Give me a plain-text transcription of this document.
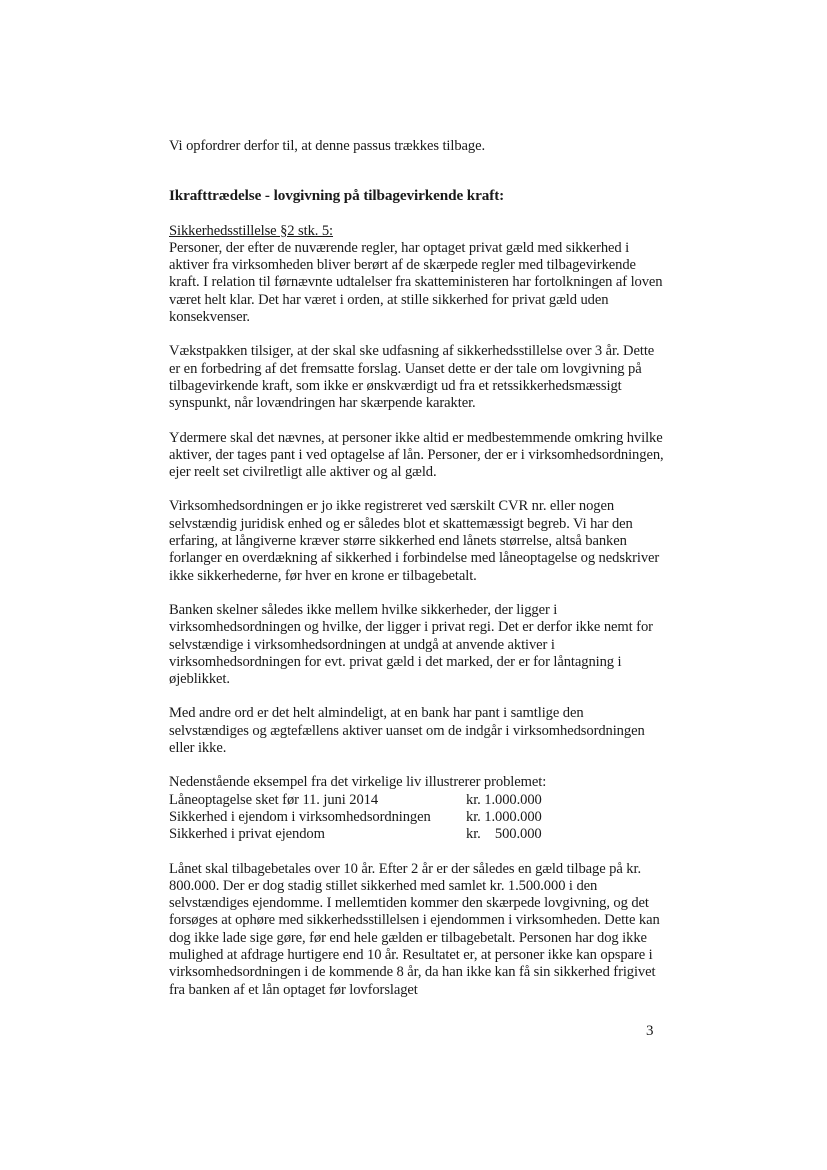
Vi opfordrer derfor til, at denne passus trækkes tilbage.

Ikrafttrædelse - lovgivning på tilbagevirkende kraft:

Sikkerhedsstillelse §2 stk. 5:

Personer, der efter de nuværende regler, har optaget privat gæld med sikkerhed i aktiver fra virksomheden bliver berørt af de skærpede regler med tilbagevirkende kraft. I relation til førnævnte udtalelser fra skatteministeren har fortolkningen af loven været helt klar. Det har været i orden, at stille sikkerhed for privat gæld uden konsekvenser.

Vækstpakken tilsiger, at der skal ske udfasning af sikkerhedsstillelse over 3 år. Dette er en forbedring af det fremsatte forslag. Uanset dette er der tale om lovgivning på tilbagevirkende kraft, som ikke er ønskværdigt ud fra et retssikkerhedsmæssigt synspunkt, når lovændringen har skærpende karakter.

Ydermere skal det nævnes, at personer ikke altid er medbestemmende omkring hvilke aktiver, der tages pant i ved optagelse af lån. Personer, der er i virksomhedsordningen, ejer reelt set civilretligt alle aktiver og al gæld.

Virksomhedsordningen er jo ikke registreret ved særskilt CVR nr. eller nogen selvstændig juridisk enhed og er således blot et skattemæssigt begreb. Vi har den erfaring, at långiverne kræver større sikkerhed end lånets størrelse, altså banken forlanger en overdækning af sikkerhed i forbindelse med låneoptagelse og nedskriver ikke sikkerhederne, før hver en krone er tilbagebetalt.

Banken skelner således ikke mellem hvilke sikkerheder, der ligger i virksomhedsordningen og hvilke, der ligger i privat regi. Det er derfor ikke nemt for selvstændige i virksomhedsordningen at undgå at anvende aktiver i virksomhedsordningen for evt. privat gæld i det marked, der er for låntagning i øjeblikket.

Med andre ord er det helt almindeligt, at en bank har pant i samtlige den selvstændiges og ægtefællens aktiver uanset om de indgår i virksomhedsordningen eller ikke.

Nedenstående eksempel fra det virkelige liv illustrerer problemet:

Låneoptagelse sket før 11. juni 2014	kr. 1.000.000
Sikkerhed i ejendom i virksomhedsordningen	kr. 1.000.000
Sikkerhed i privat ejendom	kr.    500.000

Lånet skal tilbagebetales over 10 år. Efter 2 år er der således en gæld tilbage på kr. 800.000. Der er dog stadig stillet sikkerhed med samlet kr. 1.500.000 i den selvstændiges ejendomme. I mellemtiden kommer den skærpede lovgivning, og det forsøges at ophøre med sikkerhedsstillelsen i ejendommen i virksomheden. Dette kan dog ikke lade sige gøre, før end hele gælden er tilbagebetalt. Personen har dog ikke mulighed at afdrage hurtigere end 10 år. Resultatet er, at personer ikke kan opspare i virksomhedsordningen i de kommende 8 år, da han ikke kan få sin sikkerhed frigivet fra banken af et lån optaget før lovforslaget

3
